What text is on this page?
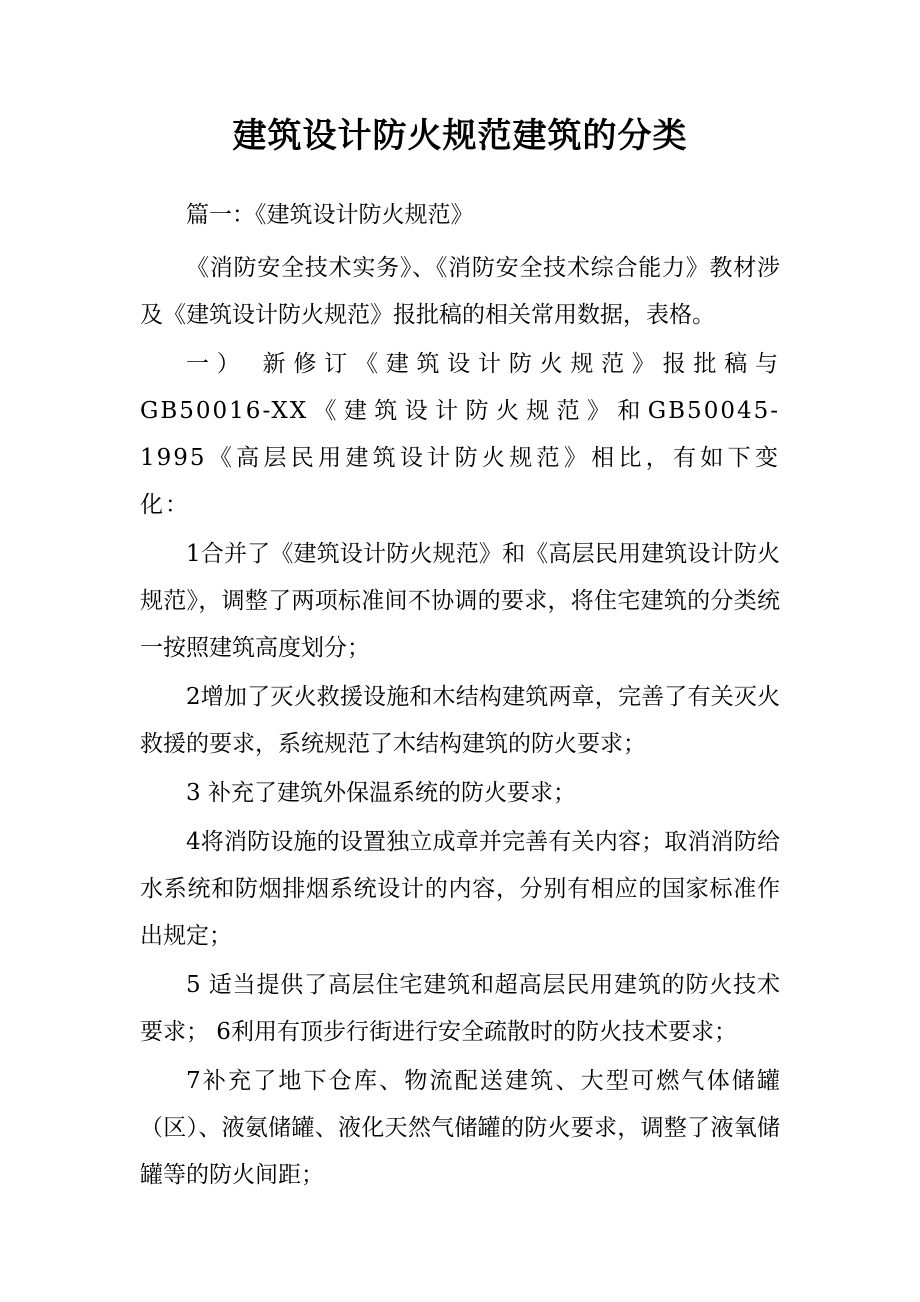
建筑设计防火规范建筑的分类

篇一：《建筑设计防火规范》

《消防安全技术实务》、《消防安全技术综合能力》教材涉及《建筑设计防火规范》报批稿的相关常用数据，表格。

一） 新修订《建筑设计防火规范》报批稿与GB50016-XX《建筑设计防火规范》和GB50045-1995《高层民用建筑设计防火规范》相比，有如下变化：

1合并了《建筑设计防火规范》和《高层民用建筑设计防火规范》，调整了两项标准间不协调的要求，将住宅建筑的分类统一按照建筑高度划分；

2增加了灭火救援设施和木结构建筑两章，完善了有关灭火救援的要求，系统规范了木结构建筑的防火要求；

3 补充了建筑外保温系统的防火要求；

4将消防设施的设置独立成章并完善有关内容；取消消防给水系统和防烟排烟系统设计的内容，分别有相应的国家标准作出规定；

5 适当提供了高层住宅建筑和超高层民用建筑的防火技术要求； 6利用有顶步行街进行安全疏散时的防火技术要求；

7补充了地下仓库、物流配送建筑、大型可燃气体储罐（区）、液氨储罐、液化天然气储罐的防火要求，调整了液氧储罐等的防火间距；
